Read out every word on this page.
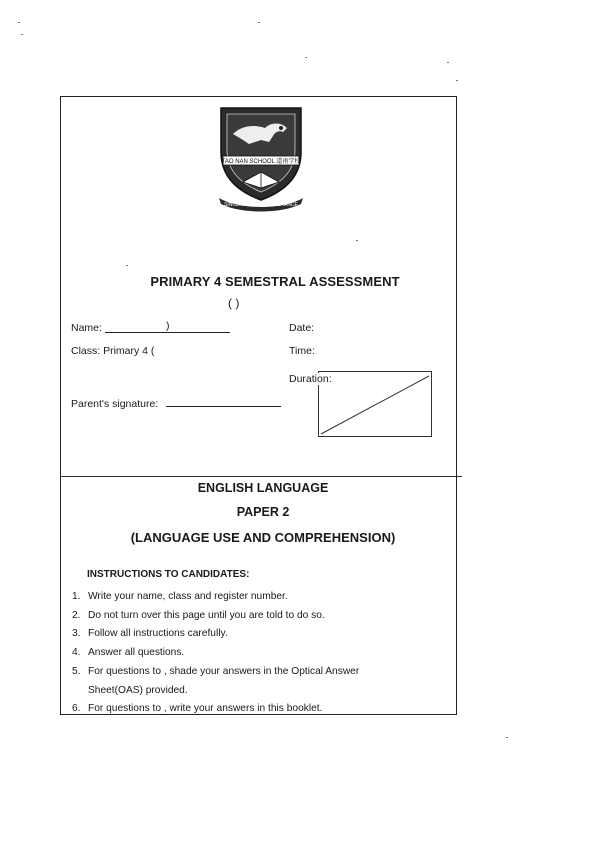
TAO NAN SCHOOL 道南学校
SINCERITY & PERSEVERANCE
PRIMARY 4 SEMESTRAL ASSESSMENT
( )
Name:	)
Class: Primary 4 (
Date:
Time:
Duration:
Parent's signature:
ENGLISH LANGUAGE
PAPER 2
(LANGUAGE USE AND COMPREHENSION)
INSTRUCTIONS TO CANDIDATES:
1. Write your name, class and register number.
2. Do not turn over this page until you are told to do so.
3. Follow all instructions carefully.
4. Answer all questions.
5. For questions to , shade your answers in the Optical Answer
Sheet(OAS) provided.
6. For questions to , write your answers in this booklet.
